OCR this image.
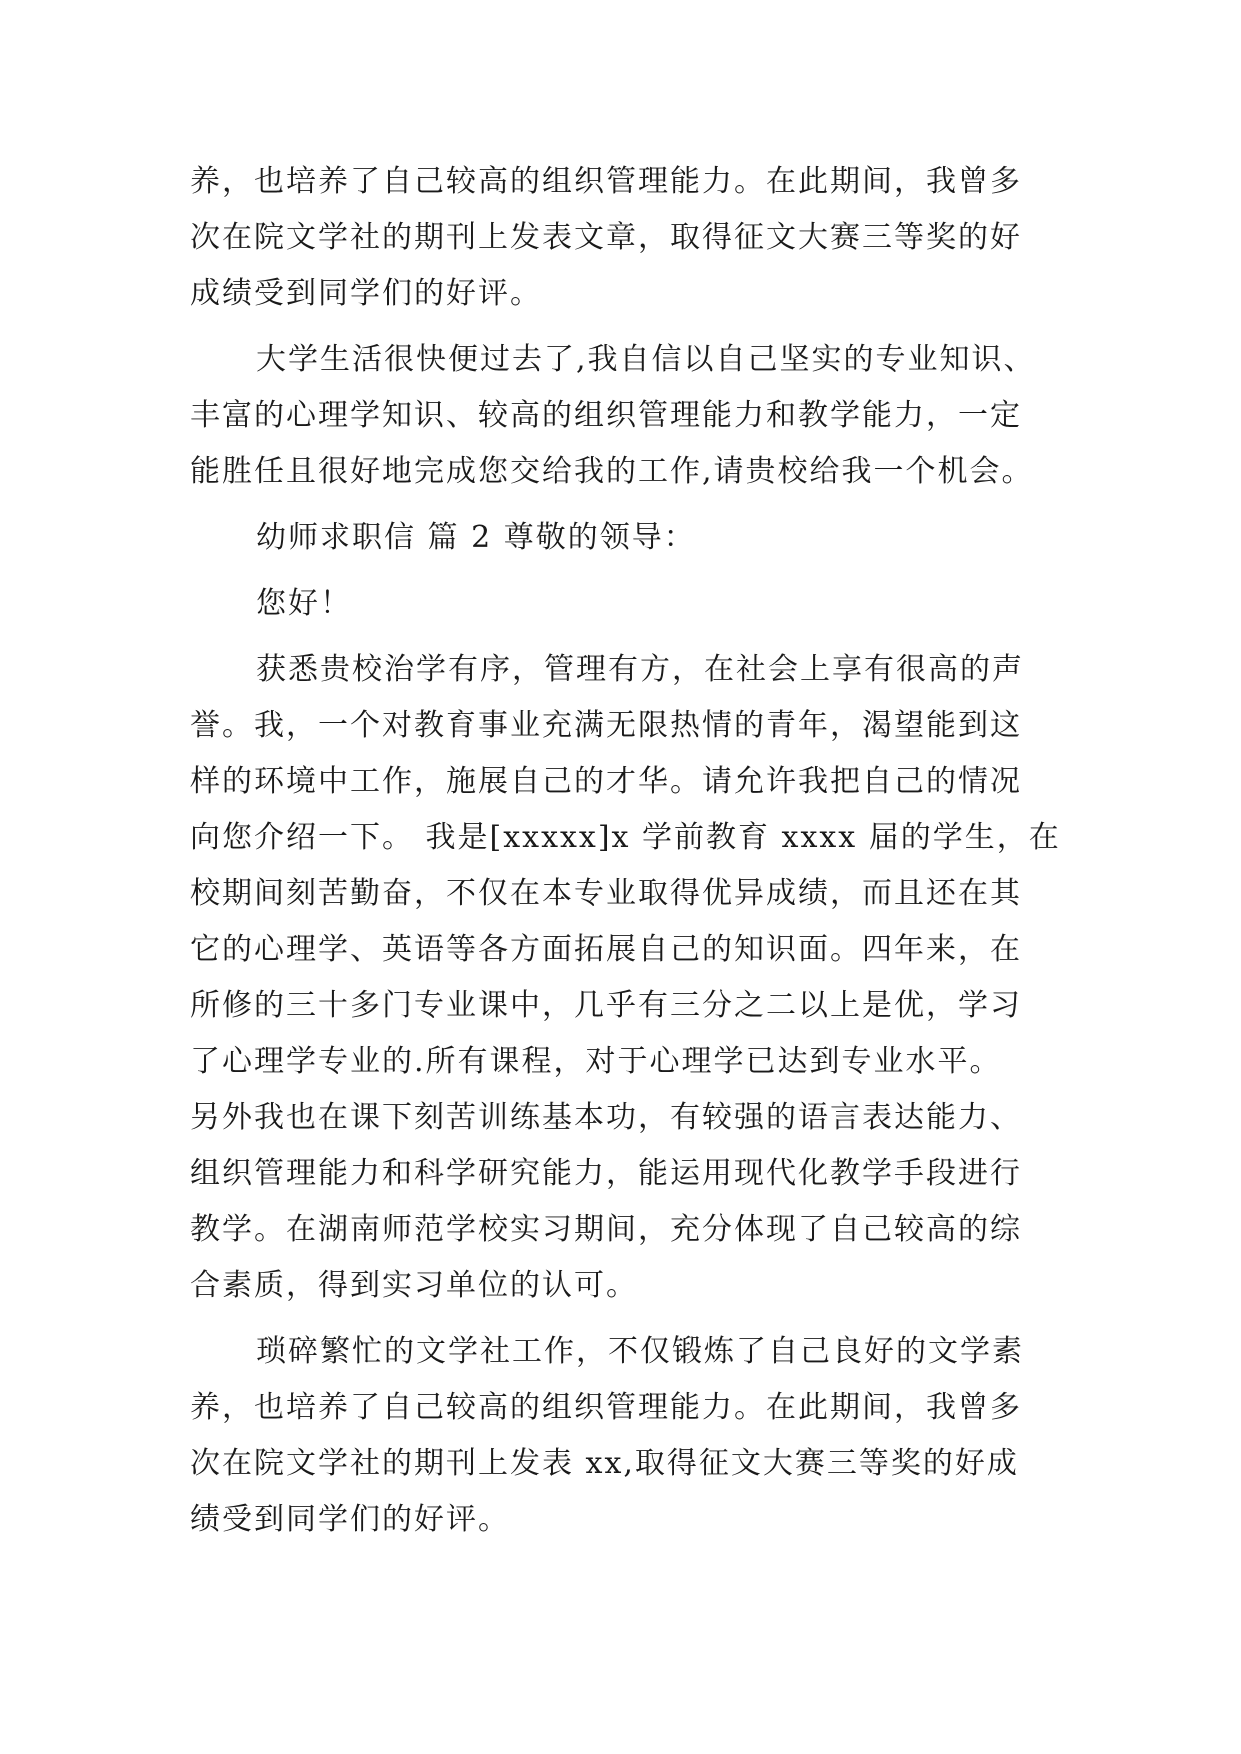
养，也培养了自己较高的组织管理能力。在此期间，我曾多
次在院文学社的期刊上发表文章，取得征文大赛三等奖的好
成绩受到同学们的好评。
大学生活很快便过去了,我自信以自己坚实的专业知识、
丰富的心理学知识、较高的组织管理能力和教学能力，一定
能胜任且很好地完成您交给我的工作,请贵校给我一个机会。
幼师求职信 篇 2 尊敬的领导：
您好！
获悉贵校治学有序，管理有方，在社会上享有很高的声
誉。我，一个对教育事业充满无限热情的青年，渴望能到这
样的环境中工作，施展自己的才华。请允许我把自己的情况
向您介绍一下。 我是[xxxxx]x 学前教育 xxxx 届的学生，在
校期间刻苦勤奋，不仅在本专业取得优异成绩，而且还在其
它的心理学、英语等各方面拓展自己的知识面。四年来，在
所修的三十多门专业课中，几乎有三分之二以上是优，学习
了心理学专业的.所有课程，对于心理学已达到专业水平。
另外我也在课下刻苦训练基本功，有较强的语言表达能力、
组织管理能力和科学研究能力，能运用现代化教学手段进行
教学。在湖南师范学校实习期间，充分体现了自己较高的综
合素质，得到实习单位的认可。
琐碎繁忙的文学社工作，不仅锻炼了自己良好的文学素
养，也培养了自己较高的组织管理能力。在此期间，我曾多
次在院文学社的期刊上发表 xx,取得征文大赛三等奖的好成
绩受到同学们的好评。
